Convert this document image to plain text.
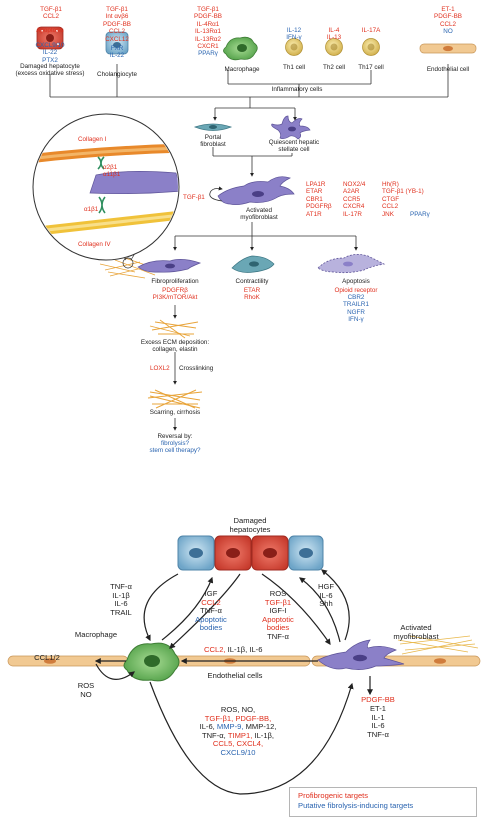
TGF-β1
CCL2
Apoptosis
CXCL9/10
IL-22
PTX2
Damaged hepatocyte
(excess oxidative stress)
TGF-β1
Int αvβ6
PDGF-BB
CCL2
CXCL12
FXR
IL-22
Cholangiocyte
TGF-β1
PDGF-BB
IL-4Rα1
IL-13Rα1
IL-13Rα2
CXCR1
PPARγ
Macrophage
IL-12
IFN-γ
Th1 cell
IL-4
IL-13
Th2 cell
IL-17A
Th17 cell
ET-1
PDGF-BB
CCL2
NO
Endothelial cell
Inflammatory cells
Collagen I
α2β1
α11β1
α1β1
Collagen IV
Portal
fibroblast	Quiescent hepatic
stellate cell
TGF-β1
Activated
myofibroblast
LPA1R
ETAR
CBR1
PDGFRβ
AT1R
NOX2/4
A2AR
CCR5
CXCR4
IL-17R
Hh(R)
TGF-β1 (YB-1)
CTGF
CCL2
JNK	PPARγ
Fibroproliferation
PDGFRβ
PI3K/mTOR/Akt
Contractility
ETAR
RhoK
Apoptosis
Opioid receptor
CBR2
TRAILR1
NGFR
IFN-γ
Excess ECM deposition:
collagen, elastin
LOXL2 Crosslinking
Scarring, cirrhosis
Reversal by:
fibrolysis?
stem cell therapy?
Damaged
hepatocytes
TNF-α
IL-1β
IL-6
TRAIL
IGF
CCL2
TNF-α
Apoptotic
bodies
ROS
TGF-β1
IGF-I
Apoptotic
bodies
TNF-α
HGF
IL-6
Shh
Activated
myofibroblast
Macrophage
CCL1/2
ROS
NO
Endothelial cells
CCL2, IL-1β, IL-6
PDGF-BB
ET-1
IL-1
IL-6
TNF-α
ROS, NO,
TGF-β1, PDGF-BB,
IL-6, MMP-9, MMP-12,
TNF-α, TIMP1, IL-1β,
CCL5, CXCL4,
CXCL9/10
Profibrogenic targets
Putative fibrolysis-inducing targets
